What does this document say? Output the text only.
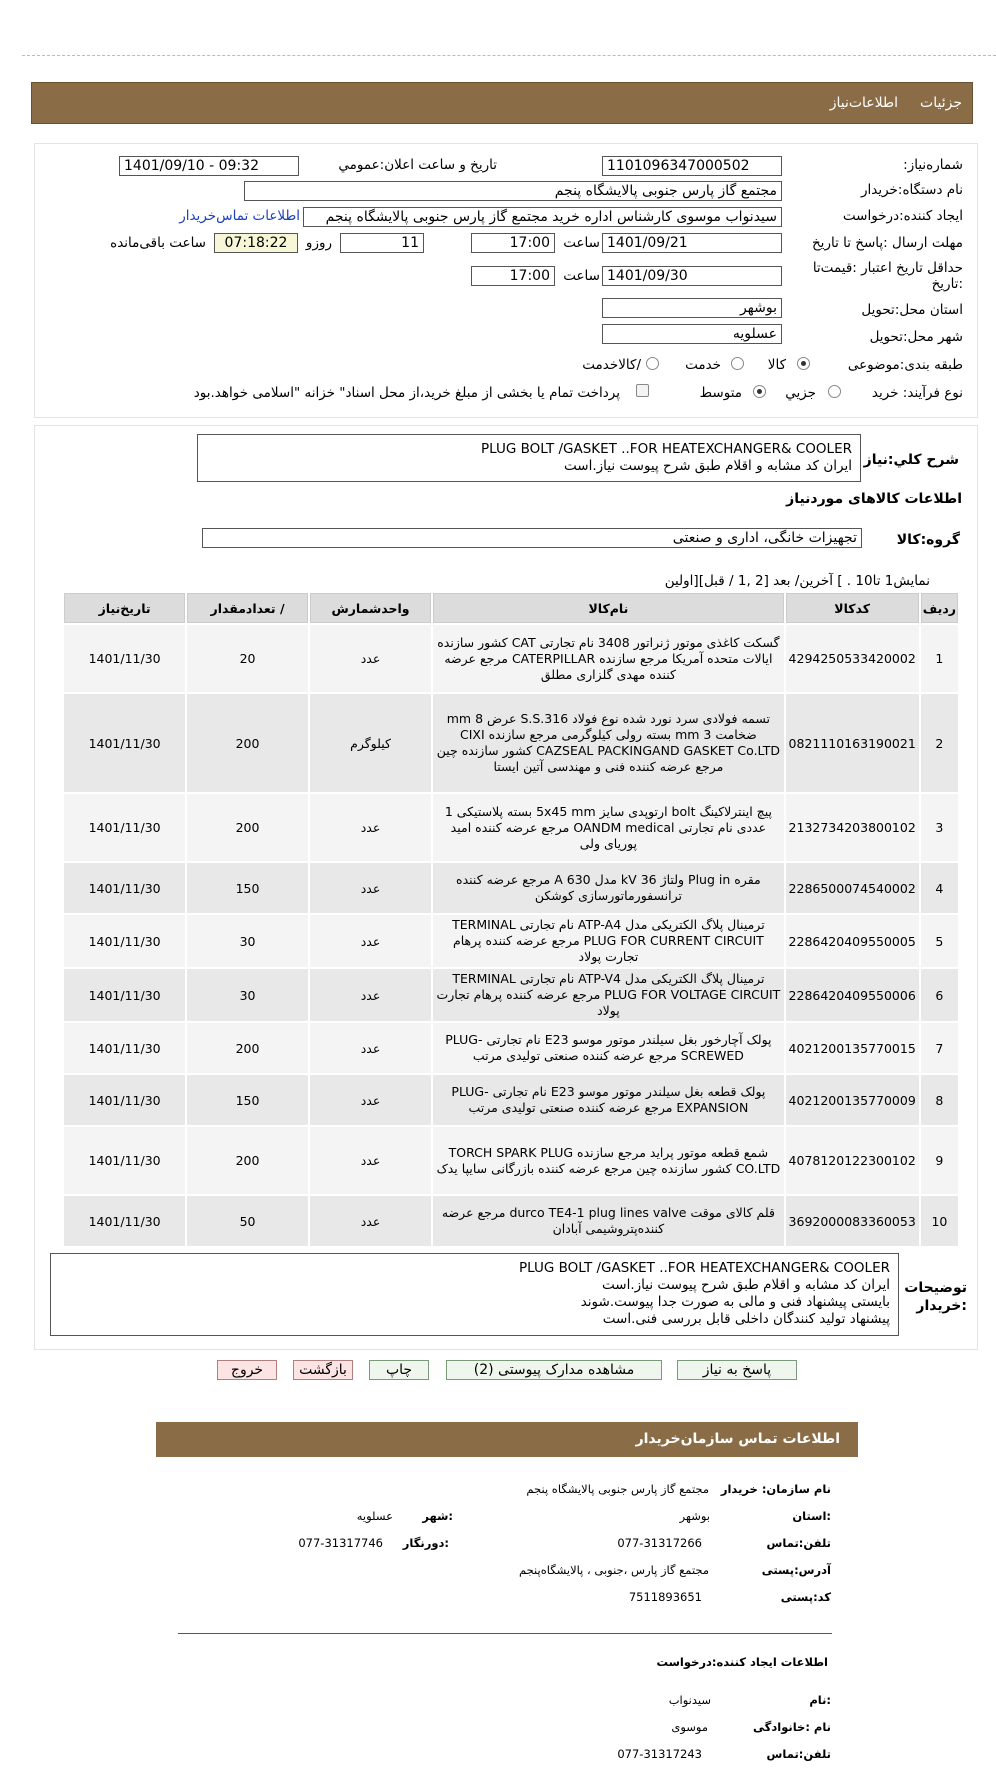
جزئیات
اطلاعات‌نیاز
شماره‌نیاز:
1101096347000502
تاریخ و ساعت اعلان:عمومي
1401/09/10 - 09:32
نام دستگاه:خریدار
مجتمع گاز پارس جنوبی پالایشگاه پنجم
ایجاد کننده:درخواست
سیدنواب موسوی کارشناس اداره خرید مجتمع گاز پارس جنوبی پالایشگاه پنجم
اطلاعات تماس‌خریدار
مهلت ارسال :پاسخ تا تاریخ
1401/09/21
ساعت
17:00
11
روزو
07:18:22
ساعت باقی‌مانده
حداقل تاریخ اعتبار :قیمت‌تا
:تاریخ
1401/09/30
ساعت
17:00
استان محل:تحویل
بوشهر
شهر محل:تحویل
عسلویه
طبقه بندی:موضوعی
کالا
خدمت
/کالاخدمت
نوع فرآیند: خرید
جزیي
متوسط
پرداخت تمام یا بخشی از مبلغ خرید،از محل اسناد" خزانه "اسلامی خواهد.بود
شرح کلي:نياز
PLUG BOLT /GASKET ..FOR HEATEXCHANGER& COOLER
ایران کد مشابه و اقلام طبق شرح پیوست نیاز.است
اطلاعات کالاهای موردنیاز
گروه:کالا
تجهیزات خانگی، اداری و صنعتی
نمایش1 تا10 . ] آخرین/ بعد [2 ,1 / قبل][اولین
ردیف	کدکالا	نام‌کالا	واحدشمارش	/ تعدادمقدار	تاریخ‌نیاز
1	4294250533420002	گسکت کاغذی موتور ژنراتور 3408 نام تجارتی CAT کشور سازنده ایالات متحده آمریکا مرجع سازنده CATERPILLAR مرجع عرضه کننده مهدی گلزاری مطلق	عدد	20	1401/11/30
2	0821110163190021	تسمه فولادی سرد نورد شده نوع فولاد S.S.316 عرض 8 mm ضخامت 3 mm بسته رولی کیلوگرمی مرجع سازنده CIXI CAZSEAL PACKINGAND GASKET Co.LTD کشور سازنده چین مرجع عرضه کننده فنی و مهندسی آتین ایستا	کیلوگرم	200	1401/11/30
3	2132734203800102	پیچ اینترلاکینگ bolt ارتوپدی سایز 5x45 mm بسته پلاستیکی 1 عددی نام تجارتی OANDM medical مرجع عرضه کننده امید پوریای ولی	عدد	200	1401/11/30
4	2286500074540002	مقره Plug in ولتاژ 36 kV مدل 630 A مرجع عرضه کننده ترانسفورماتورسازی کوشکن	عدد	150	1401/11/30
5	2286420409550005	ترمینال پلاگ الکتریکی مدل ATP-A4 نام تجارتی TERMINAL PLUG FOR CURRENT CIRCUIT مرجع عرضه کننده پرهام تجارت پولاد	عدد	30	1401/11/30
6	2286420409550006	ترمینال پلاگ الکتریکی مدل ATP-V4 نام تجارتی TERMINAL PLUG FOR VOLTAGE CIRCUIT مرجع عرضه کننده پرهام تجارت پولاد	عدد	30	1401/11/30
7	4021200135770015	پولک آچارخور بغل سیلندر موتور موسو E23 نام تجارتی PLUG-SCREWED مرجع عرضه کننده صنعتی تولیدی مرتب	عدد	200	1401/11/30
8	4021200135770009	پولک قطعه بغل سیلندر موتور موسو E23 نام تجارتی PLUG-EXPANSION مرجع عرضه کننده صنعتی تولیدی مرتب	عدد	150	1401/11/30
9	4078120122300102	شمع قطعه موتور پراید مرجع سازنده TORCH SPARK PLUG CO.LTD کشور سازنده چین مرجع عرضه کننده بازرگانی سایپا یدک	عدد	200	1401/11/30
10	3692000083360053	قلم کالای موقت durco TE4-1 plug lines valve مرجع عرضه کننده‌پتروشیمی آبادان	عدد	50	1401/11/30
توضیحات
:خریدار
PLUG BOLT /GASKET ..FOR HEATEXCHANGER& COOLER
ایران کد مشابه و اقلام طبق شرح پیوست نیاز.است
بایستی پیشنهاد فنی و مالی به صورت جدا پیوست.شوند
پیشنهاد تولید کنندگان داخلی قابل بررسی فنی.است
پاسخ به نیاز
مشاهده مدارک پیوستی (2)
چاپ
بازگشت
خروج
اطلاعات تماس سازمان‌خریدار
نام سازمان: خریدار
مجتمع گاز پارس جنوبی پالایشگاه پنجم
:استان
بوشهر
:شهر
عسلویه
تلفن:تماس
077-31317266
:دورنگار
077-31317746
آدرس:پستی
مجتمع گاز پارس ،جنوبی ، پالایشگاه‌پنجم
کد:پستی
7511893651
اطلاعات ایجاد کننده:درخواست
:نام
سیدنواب
نام :خانوادگی
موسوی
تلفن:تماس
077-31317243
